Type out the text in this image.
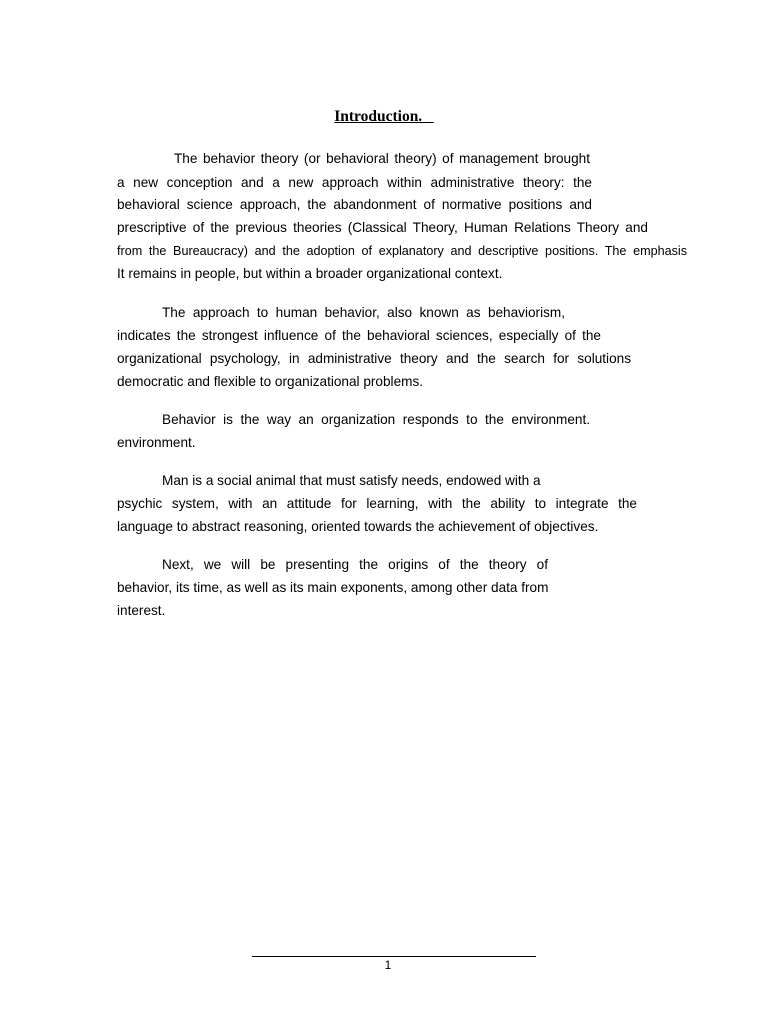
Introduction.
The behavior theory (or behavioral theory) of management brought
a new conception and a new approach within administrative theory: the
behavioral science approach, the abandonment of normative positions and
prescriptive of the previous theories (Classical Theory, Human Relations Theory and
from the Bureaucracy) and the adoption of explanatory and descriptive positions. The emphasis
It remains in people, but within a broader organizational context.
The approach to human behavior, also known as behaviorism,
indicates the strongest influence of the behavioral sciences, especially of the
organizational psychology, in administrative theory and the search for solutions
democratic and flexible to organizational problems.
Behavior is the way an organization responds to the environment.
environment.
Man is a social animal that must satisfy needs, endowed with a
psychic system, with an attitude for learning, with the ability to integrate the
language to abstract reasoning, oriented towards the achievement of objectives.
Next, we will be presenting the origins of the theory of
behavior, its time, as well as its main exponents, among other data from
interest.
1
